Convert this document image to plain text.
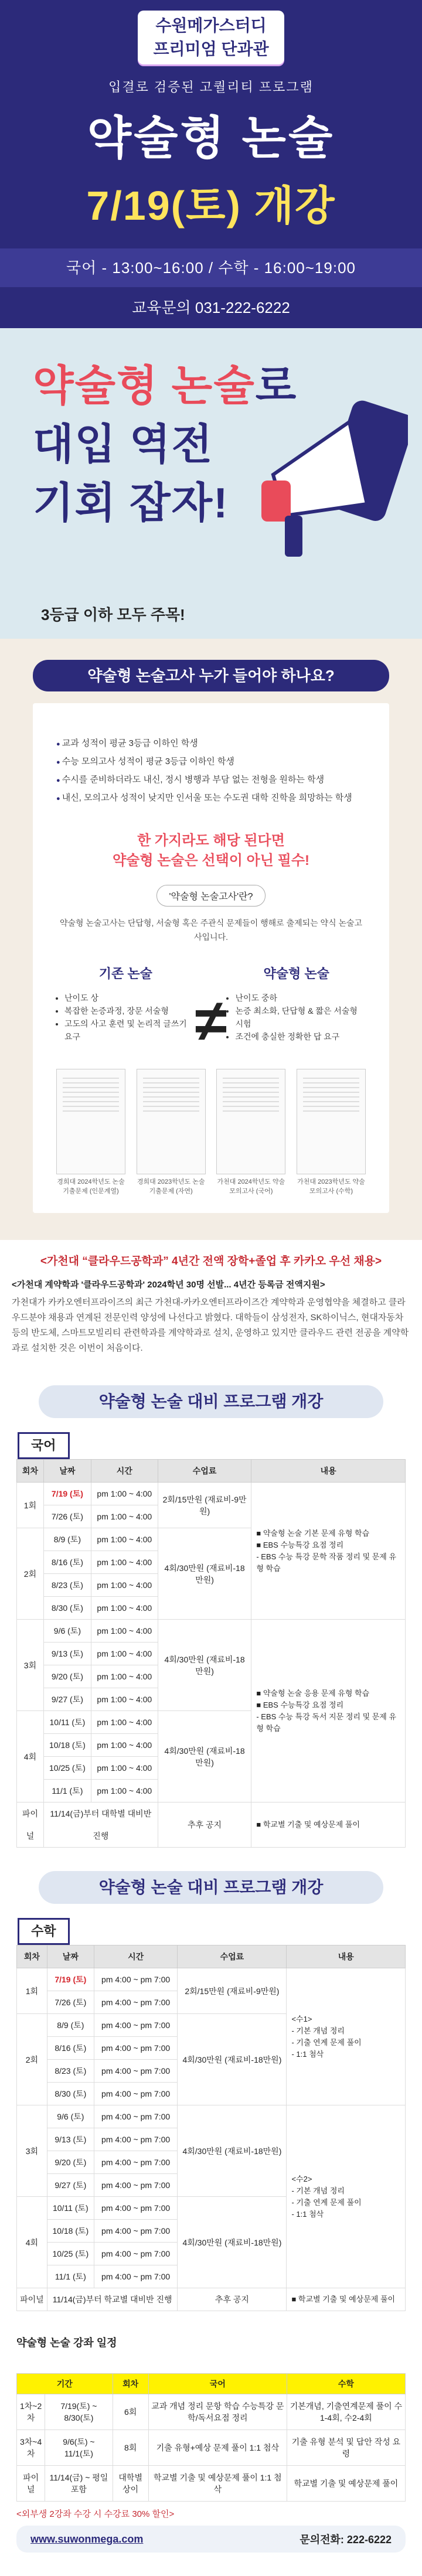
수원메가스터디
프리미엄 단과관
입결로 검증된 고퀄리티 프로그램
약술형 논술
7/19(토) 개강
국어 - 13:00~16:00 / 수학 - 16:00~19:00
교육문의 031-222-6222
약술형 논술로
대입 역전
기회 잡자!
3등급 이하 모두 주목!
약술형 논술고사 누가 들어야 하나요?
● 교과 성적이 평균 3등급 이하인 학생
● 수능 모의고사 성적이 평균 3등급 이하인 학생
● 수시를 준비하더라도 내신, 정시 병행과 부담 없는 전형을 원하는 학생
● 내신, 모의고사 성적이 낮지만 인서울 또는 수도권 대학 진학을 희망하는 학생
한 가지라도 해당 된다면
약술형 논술은 선택이 아닌 필수!
'약술형 논술고사'란?
약술형 논술고사는 단답형, 서술형 혹은 주관식 문제들이 행해로 출제되는 약식 논술고사입니다.
기존 논술
• 난이도 상
• 복잡한 논증과정, 장문 서술형
• 고도의 사고 훈련 및 논리적 글쓰기 요구	≠
약술형 논술
• 난이도 중하
• 논증 최소화, 단답형 & 짧은 서술형 시험
• 조건에 충실한 정확한 답 요구
경희대 2024학년도 논술 기출문제 (인문계열)
경희대 2023학년도 논술 기출문제 (자연)
가천대 2024학년도 약술 모의고사 (국어)
가천대 2023학년도 약술 모의고사 (수학)
<가천대 “클라우드공학과” 4년간 전액 장학+졸업 후 카카오 우선 채용>
<가천대 계약학과 '클라우드공학과' 2024학년 30명 선발... 4년간 등록금 전액지원>
가천대가 카카오엔터프라이즈의 최근 가천대-카카오엔터프라이즈간 계약학과 운영협약을 체결하고 클라우드분야 채용과 연계된 전문인력 양성에 나선다고 밝혔다. 대학들이 삼성전자, SK하이닉스, 현대자동차 등의 반도체, 스마트모빌리티 관련학과를 계약학과로 설치, 운영하고 있지만 클라우드 관련 전공을 계약학과로 설치한 것은 이번이 처음이다.
약술형 논술 대비 프로그램 개강
국어
회차	날짜	시간	수업료	내용
1회	7/19 (토)	pm 1:00 ~ 4:00	2회/15만원 (재료비-9만원)	■ 약술형 논술 기본 문제 유형 학습
■ EBS 수능특강 요점 정리
- EBS 수능 특강 문학 작품 정리 및 문제 유형 학습
	7/26 (토)	pm 1:00 ~ 4:00		
2회	8/9 (토)	pm 1:00 ~ 4:00	4회/30만원 (재료비-18만원)	
	8/16 (토)	pm 1:00 ~ 4:00		
	8/23 (토)	pm 1:00 ~ 4:00		
	8/30 (토)	pm 1:00 ~ 4:00		
3회	9/6 (토)	pm 1:00 ~ 4:00	4회/30만원 (재료비-18만원)	■ 약술형 논술 응용 문제 유형 학습
■ EBS 수능특강 요점 정리
- EBS 수능 특강 독서 지문 정리 및 문제 유형 학습
	9/13 (토)	pm 1:00 ~ 4:00		
	9/20 (토)	pm 1:00 ~ 4:00		
	9/27 (토)	pm 1:00 ~ 4:00		
4회	10/11 (토)	pm 1:00 ~ 4:00	4회/30만원 (재료비-18만원)	
	10/18 (토)	pm 1:00 ~ 4:00		
	10/25 (토)	pm 1:00 ~ 4:00		
	11/1 (토)	pm 1:00 ~ 4:00		
파이널	11/14(금)부터 대학별 대비반 진행		추후 공지	■ 학교별 기출 및 예상문제 풀이
약술형 논술 대비 프로그램 개강
수학
회차	날짜	시간	수업료	내용
1회	7/19 (토)	pm 4:00 ~ pm 7:00	2회/15만원 (재료비-9만원)	<수1>
- 기본 개념 정리
- 기출 연계 문제 풀이
- 1:1 첨삭
	7/26 (토)	pm 4:00 ~ pm 7:00		
2회	8/9 (토)	pm 4:00 ~ pm 7:00	4회/30만원 (재료비-18만원)	
	8/16 (토)	pm 4:00 ~ pm 7:00		
	8/23 (토)	pm 4:00 ~ pm 7:00		
	8/30 (토)	pm 4:00 ~ pm 7:00		
3회	9/6 (토)	pm 4:00 ~ pm 7:00	4회/30만원 (재료비-18만원)	<수2>
- 기본 개념 정리
- 기출 연계 문제 풀이
- 1:1 첨삭
	9/13 (토)	pm 4:00 ~ pm 7:00		
	9/20 (토)	pm 4:00 ~ pm 7:00		
	9/27 (토)	pm 4:00 ~ pm 7:00		
4회	10/11 (토)	pm 4:00 ~ pm 7:00	4회/30만원 (재료비-18만원)	
	10/18 (토)	pm 4:00 ~ pm 7:00		
	10/25 (토)	pm 4:00 ~ pm 7:00		
	11/1 (토)	pm 4:00 ~ pm 7:00		
파이널	11/14(금)부터 학교별 대비반 진행		추후 공지	■ 학교별 기출 및 예상문제 풀이
약술형 논술 강좌 일정
기간		회차	국어	수학
1차~2차	7/19(토) ~ 8/30(토)	6회	교과 개념 정리 문항 학습 수능특강 문학/독서요점 정리	기본개념, 기출연계문제 풀이 수1-4회, 수2-4회
3차~4차	9/6(토) ~ 11/1(토)	8회	기출 유형+예상 문제 풀이 1:1 첨삭	기출 유형 분석 및 답안 작성 요령
파이널	11/14(금) ~ 평일 포함	대학별 상이	학교별 기출 및 예상문제 풀이 1:1 첨삭	학교별 기출 및 예상문제 풀이
<외부생 2강좌 수강 시 수강료 30% 할인>
www.suwonmega.com	문의전화: 222-6222
